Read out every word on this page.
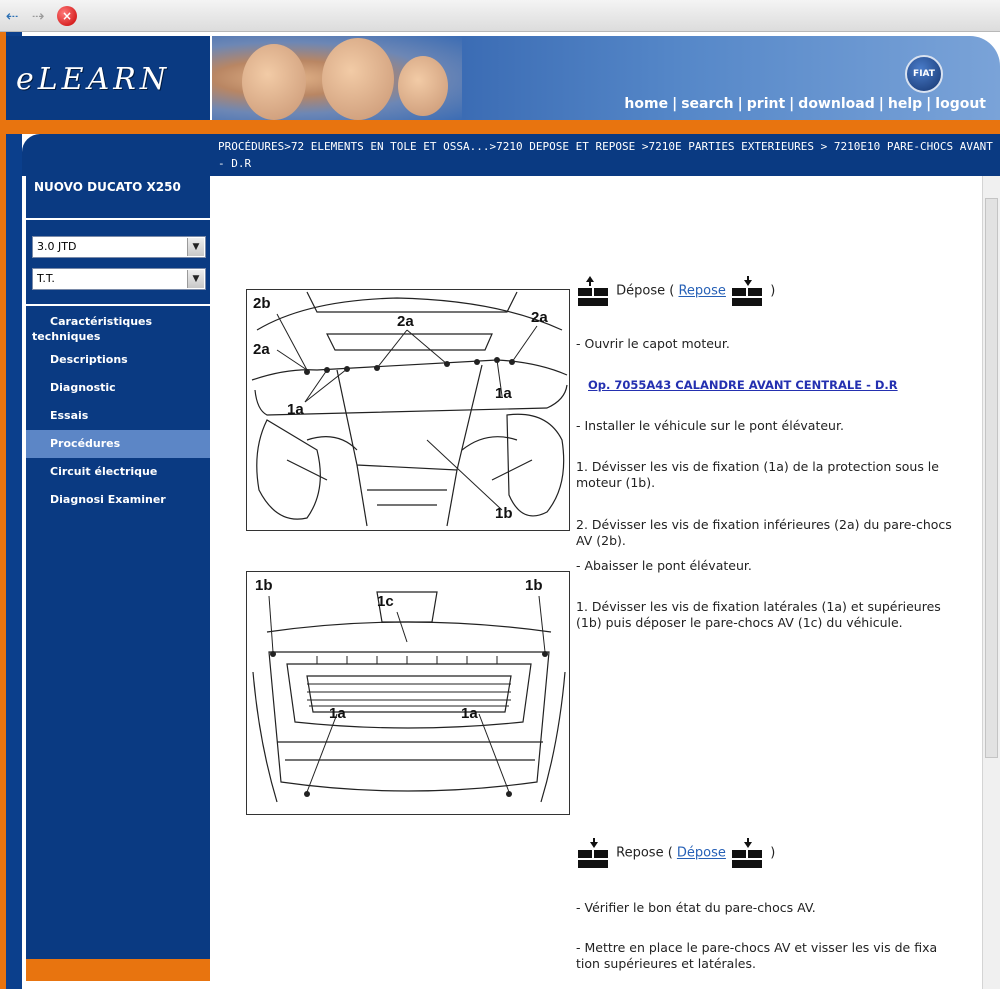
⇠ ⇢	×
eLEARN	FIAT
home | search | print | download | help | logout
NUOVO DUCATO X250
3.0 JTD	▼
T.T.	▼
Caractéristiques techniques
Descriptions
Diagnostic
Essais
Procédures
Circuit électrique
Diagnosi Examiner
PROCÉDURES>72 ELEMENTS EN TOLE ET OSSA...>7210 DEPOSE ET REPOSE >7210E PARTIES EXTERIEURES > 7210E10 PARE-CHOCS AVANT - D.R
2b
2a	2a
2a
1a
1a
1b
1b
1c
1b
1a	1a
Dépose ( Repose	)
- Ouvrir le capot moteur.
Op. 7055A43 CALANDRE AVANT CENTRALE - D.R
- Installer le véhicule sur le pont élévateur.
1. Dévisser les vis de fixation (1a) de la protection sous le moteur (1b).
2. Dévisser les vis de fixation inférieures (2a) du pare-chocs AV (2b).
- Abaisser le pont élévateur.
1. Dévisser les vis de fixation latérales (1a) et supérieures (1b) puis déposer le pare-chocs AV (1c) du véhicule.
Repose ( Dépose	)
- Vérifier le bon état du pare-chocs AV.
- Mettre en place le pare-chocs AV et visser les vis de fixa tion supérieures et latérales.
